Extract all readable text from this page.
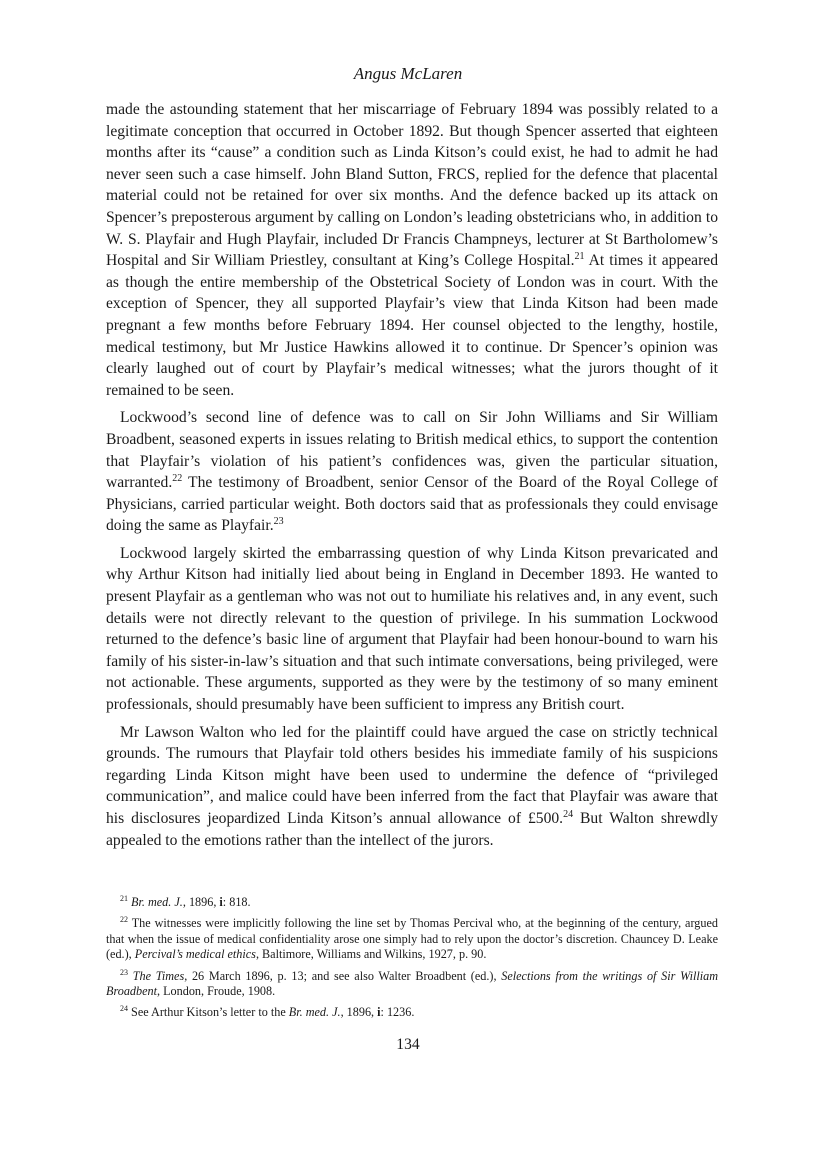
Angus McLaren

made the astounding statement that her miscarriage of February 1894 was possibly related to a legitimate conception that occurred in October 1892. But though Spencer asserted that eighteen months after its “cause” a condition such as Linda Kitson’s could exist, he had to admit he had never seen such a case himself. John Bland Sutton, FRCS, replied for the defence that placental material could not be retained for over six months. And the defence backed up its attack on Spencer’s preposterous argument by calling on London’s leading obstetricians who, in addition to W. S. Playfair and Hugh Playfair, included Dr Francis Champneys, lecturer at St Bartholomew’s Hospital and Sir William Priestley, consultant at King’s College Hospital.$^{21}$ At times it appeared as though the entire membership of the Obstetrical Society of London was in court. With the exception of Spencer, they all supported Playfair’s view that Linda Kitson had been made pregnant a few months before February 1894. Her counsel objected to the lengthy, hostile, medical testimony, but Mr Justice Hawkins allowed it to continue. Dr Spencer’s opinion was clearly laughed out of court by Playfair’s medical witnesses; what the jurors thought of it remained to be seen.

Lockwood’s second line of defence was to call on Sir John Williams and Sir William Broadbent, seasoned experts in issues relating to British medical ethics, to support the contention that Playfair’s violation of his patient’s confidences was, given the particular situation, warranted.$^{22}$ The testimony of Broadbent, senior Censor of the Board of the Royal College of Physicians, carried particular weight. Both doctors said that as professionals they could envisage doing the same as Playfair.$^{23}$

Lockwood largely skirted the embarrassing question of why Linda Kitson prevaricated and why Arthur Kitson had initially lied about being in England in December 1893. He wanted to present Playfair as a gentleman who was not out to humiliate his relatives and, in any event, such details were not directly relevant to the question of privilege. In his summation Lockwood returned to the defence’s basic line of argument that Playfair had been honour-bound to warn his family of his sister-in-law’s situation and that such intimate conversations, being privileged, were not actionable. These arguments, supported as they were by the testimony of so many eminent professionals, should presumably have been sufficient to impress any British court.

Mr Lawson Walton who led for the plaintiff could have argued the case on strictly technical grounds. The rumours that Playfair told others besides his immediate family of his suspicions regarding Linda Kitson might have been used to undermine the defence of “privileged communication”, and malice could have been inferred from the fact that Playfair was aware that his disclosures jeopardized Linda Kitson’s annual allowance of £500.24 But Walton shrewdly appealed to the emotions rather than the intellect of the jurors.

$^{21}$ Br. med. J., 1896, i: 818.

$^{22}$ The witnesses were implicitly following the line set by Thomas Percival who, at the beginning of the century, argued that when the issue of medical confidentiality arose one simply had to rely upon the doctor’s discretion. Chauncey D. Leake (ed.), Percival’s medical ethics, Baltimore, Williams and Wilkins, 1927, p. 90.

$^{23}$ The Times, 26 March 1896, p. 13; and see also Walter Broadbent (ed.), Selections from the writings of Sir William Broadbent, London, Froude, 1908.

$^{24}$ See Arthur Kitson’s letter to the Br. med. J., 1896, i: 1236.

134
